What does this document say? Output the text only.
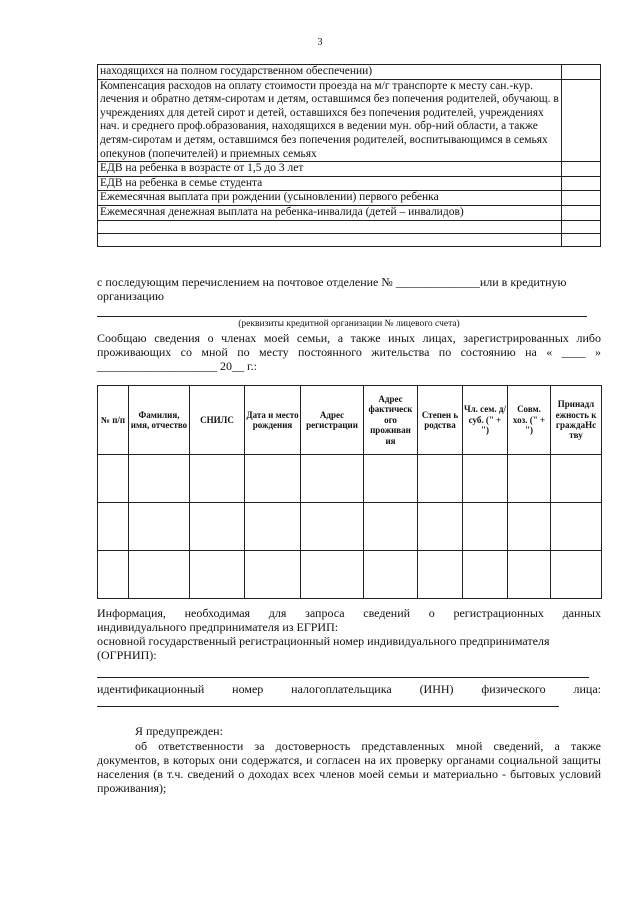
3
находящихся на полном государственном обеспечении)	
Компенсация расходов на оплату стоимости проезда на м/г транспорте к месту сан.-кур. лечения и обратно детям-сиротам и детям, оставшимся без попечения родителей, обучающ. в учреждениях для детей сирот и детей, оставшихся без попечения родителей, учреждениях нач. и среднего проф.образования, находящихся в ведении мун. обр-ний области, а также детям-сиротам и детям, оставшимся без попечения родителей, воспитывающимся в семьях опекунов (попечителей) и приемных семьях	
ЕДВ на ребенка в возрасте от 1,5 до 3 лет	
ЕДВ на ребенка в семье студента	
Ежемесячная выплата при рождении (усыновлении) первого ребенка	
Ежемесячная денежная выплата на ребенка-инвалида (детей – инвалидов)	

с последующим перечислением на почтовое отделение № ______________или в кредитную организацию
(реквизиты кредитной организации № лицевого счета)
Сообщаю сведения о членах моей семьи, а также иных лицах, зарегистрированных либо проживающих со мной по месту постоянного жительства по состоянию на « ____ » ____________________ 20__ г.:
№ п/п	Фамилия, имя, отчество	СНИЛС	Дата и место рождения	Адрес регистрации	Адрес фактическ ого проживан ия	Степен ь родства	Чл. сем. д/суб. (" + ")	Совм. хоз. (" + ")	Принадл ежность к граждаНс тву

Информация, необходимая для запроса сведений о регистрационных данных
индивидуального предпринимателя из ЕГРИП:
основной государственный регистрационный номер индивидуального предпринимателя (ОГРНИП):
идентификационный номер налогоплательщика (ИНН) физического лица:
Я предупрежден:
об ответственности за достоверность представленных мной сведений, а также документов, в которых они содержатся, и согласен на их проверку органами социальной защиты населения (в т.ч. сведений о доходах всех членов моей семьи и материально - бытовых условий проживания);
